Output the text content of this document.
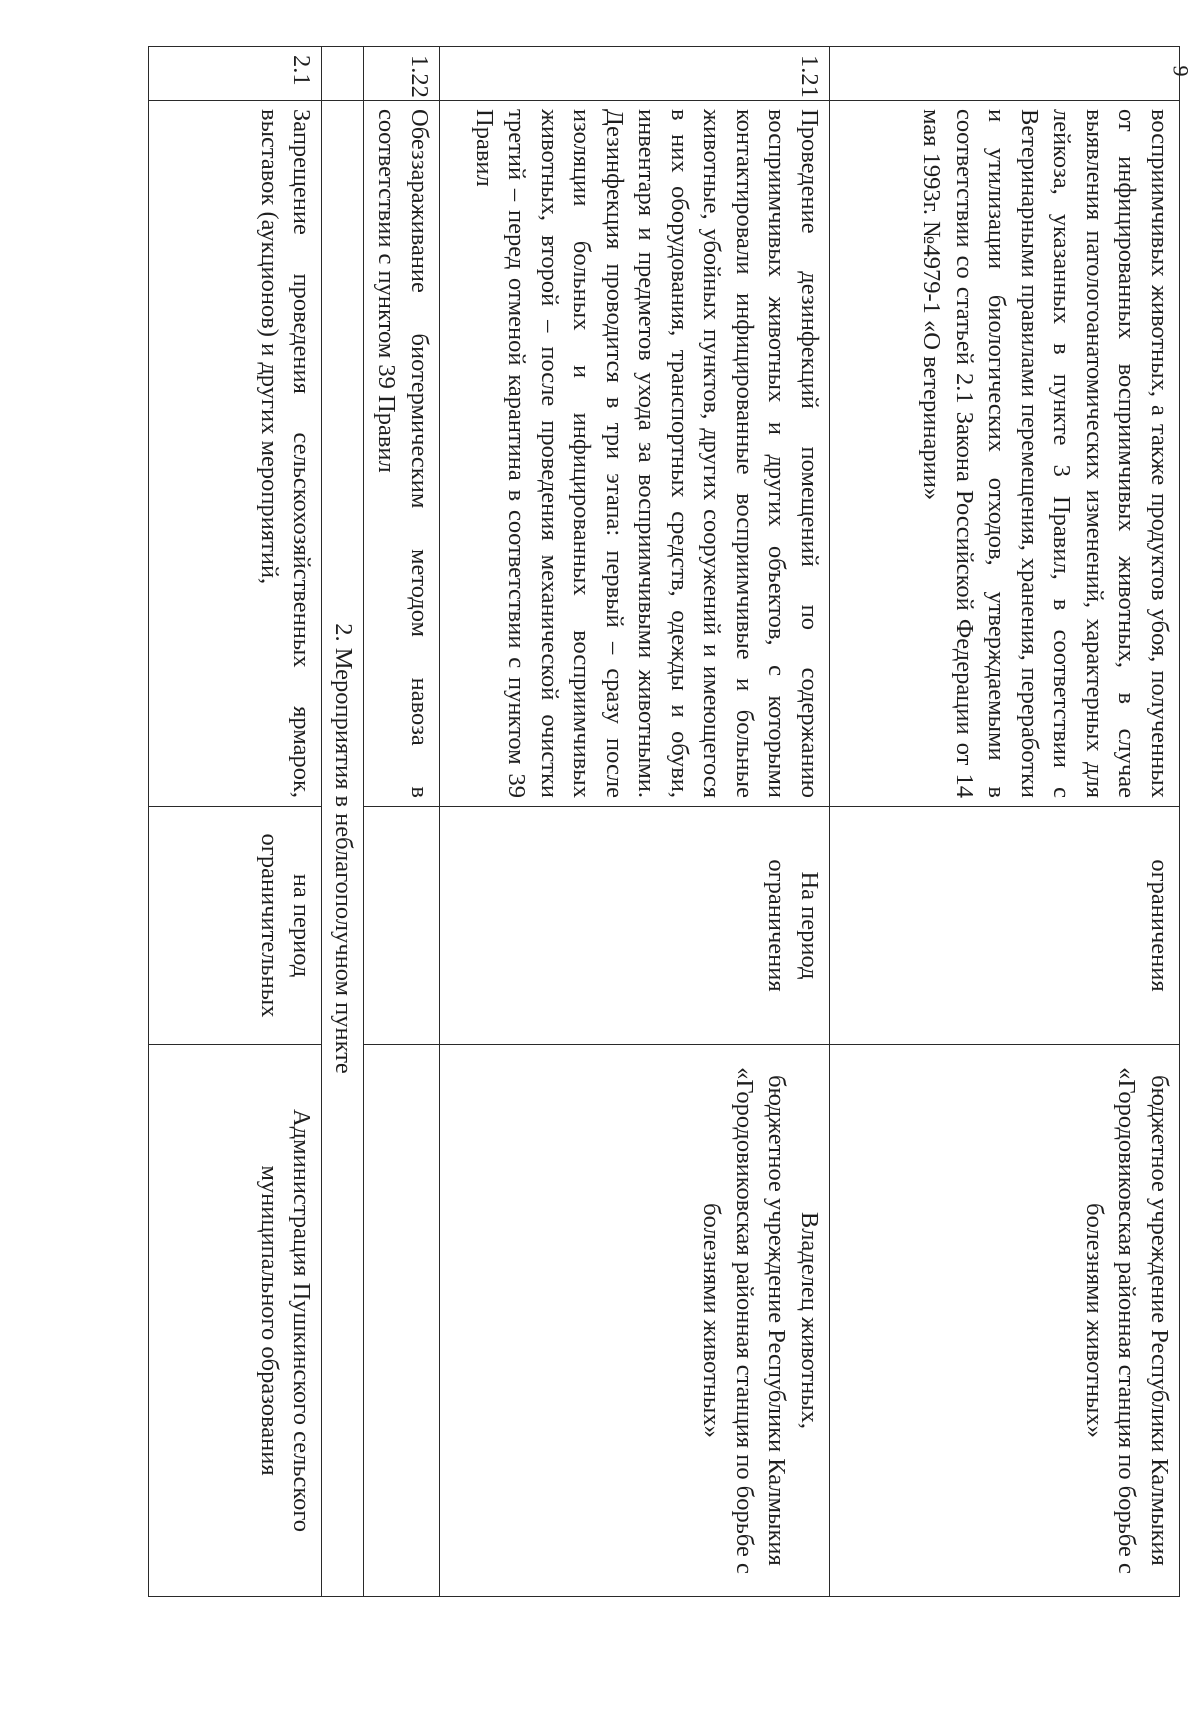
9
	восприимчивых животных, а также продуктов убоя, полученных от инфицированных восприимчивых животных, в случае выявления патологоанатомических изменений, характерных для лейкоза, указанных в пункте 3 Правил, в соответствии с Ветеринарными правилами перемещения, хранения, переработки и утилизации биологических отходов, утверждаемыми в соответствии со статьей 2.1 Закона Российской Федерации от 14 мая 1993г. №4979-1 «О ветеринарии»	ограничения	бюджетное учреждение Республики Калмыкия «Городовиковская районная станция по борьбе с болезнями животных»

1.21	Проведение дезинфекций помещений по содержанию восприимчивых животных и других объектов, с которыми контактировали инфицированные восприимчивые и больные животные, убойных пунктов, других сооружений и имеющегося в них оборудования, транспортных средств, одежды и обуви, инвентаря и предметов ухода за восприимчивыми животными. Дезинфекция проводится в три этапа: первый – сразу после изоляции больных и инфицированных восприимчивых животных, второй – после проведения механической очистки третий – перед отменой карантина в соответствии с пунктом 39 Правил	На период ограничения	Владелец животных,
бюджетное учреждение Республики Калмыкия «Городовиковская районная станция по борьбе с болезнями животных»

1.22	Обеззараживание биотермическим методом навоза в соответствии с пунктом 39 Правил		
	2. Мероприятия в неблагополучном пункте		
2.1	Запрещение проведения сельскохозяйственных ярмарок, выставок (аукционов) и других мероприятий,	на период ограничительных	Администрация Пушкинского сельского муниципального образования
